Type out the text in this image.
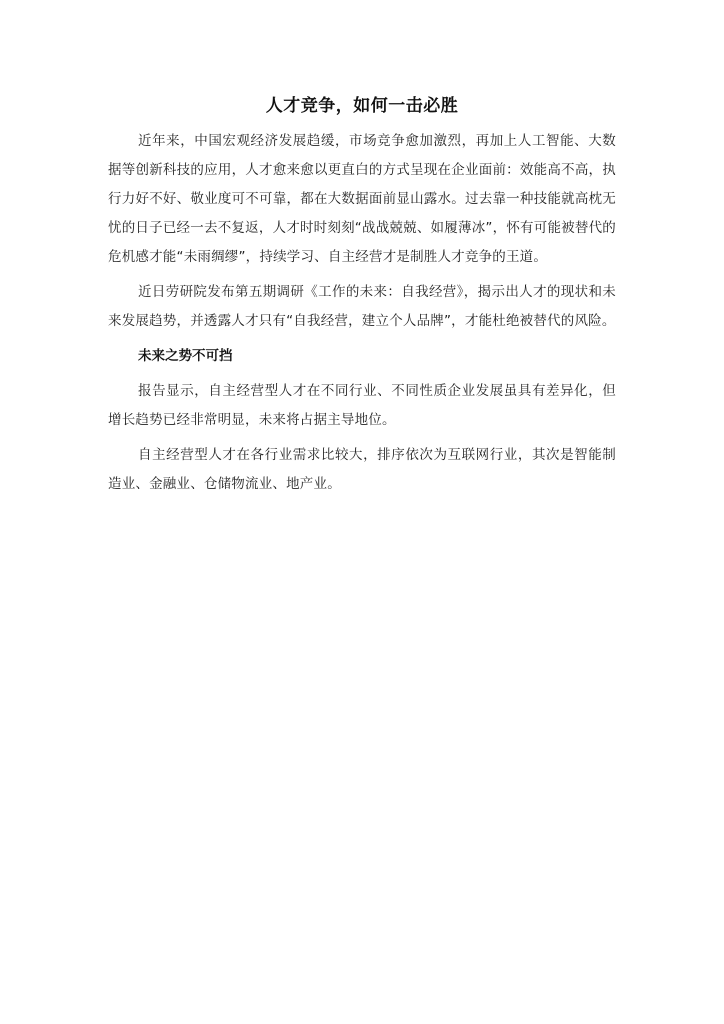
人才竞争，如何一击必胜

近年来，中国宏观经济发展趋缓，市场竞争愈加激烈，再加上人工智能、大数据等创新科技的应用，人才愈来愈以更直白的方式呈现在企业面前：效能高不高，执行力好不好、敬业度可不可靠，都在大数据面前显山露水。过去靠一种技能就高枕无忧的日子已经一去不复返，人才时时刻刻“战战兢兢、如履薄冰”，怀有可能被替代的危机感才能“未雨绸缪”，持续学习、自主经营才是制胜人才竞争的王道。

近日劳研院发布第五期调研《工作的未来：自我经营》，揭示出人才的现状和未来发展趋势，并透露人才只有“自我经营，建立个人品牌”，才能杜绝被替代的风险。

未来之势不可挡

报告显示，自主经营型人才在不同行业、不同性质企业发展虽具有差异化，但增长趋势已经非常明显，未来将占据主导地位。

自主经营型人才在各行业需求比较大，排序依次为互联网行业，其次是智能制造业、金融业、仓储物流业、地产业。
